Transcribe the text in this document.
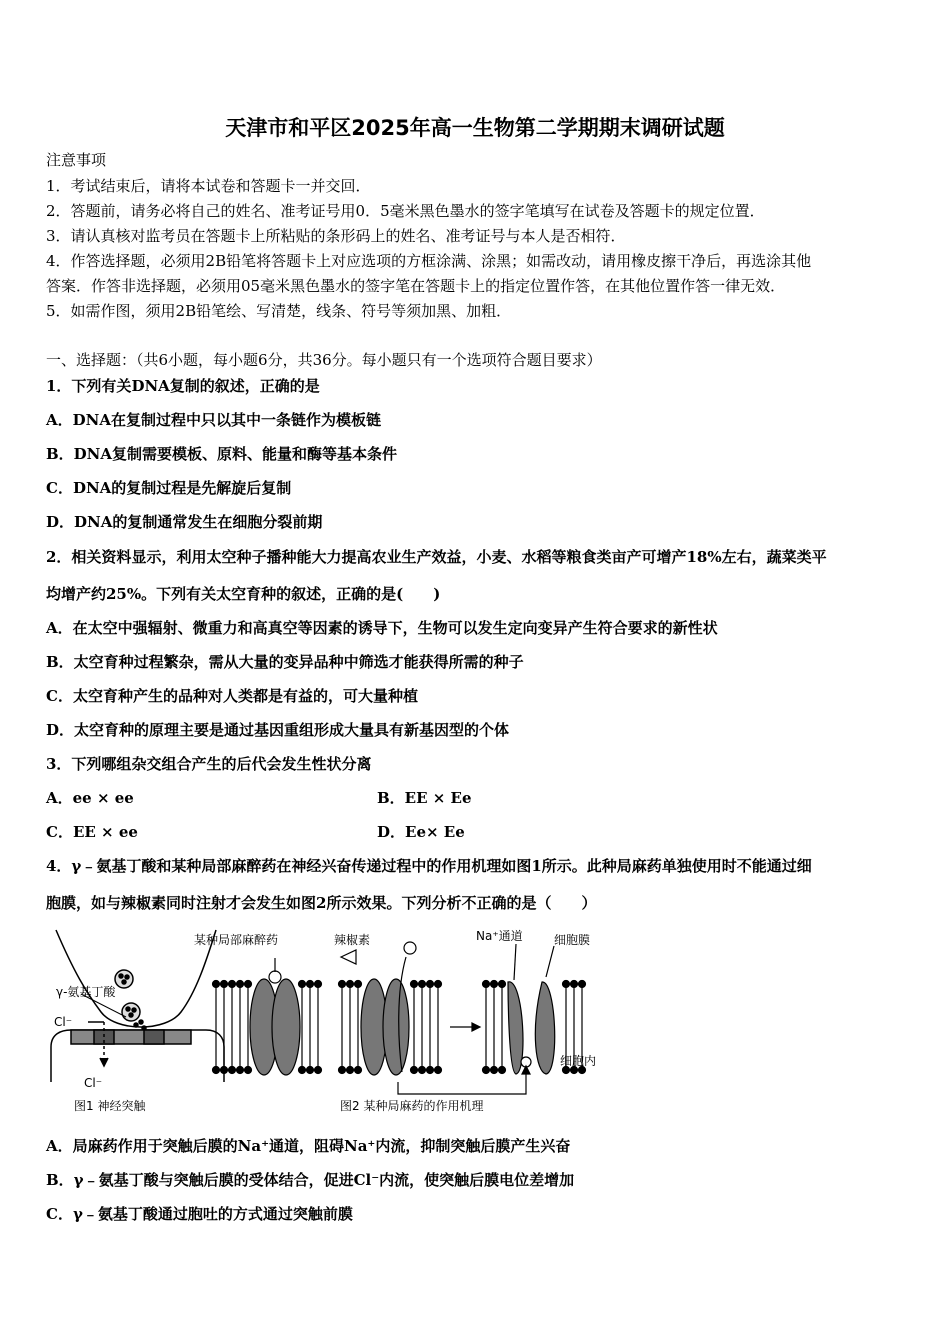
天津市和平区2025年高一生物第二学期期末调研试题
注意事项
1．考试结束后，请将本试卷和答题卡一并交回．
2．答题前，请务必将自己的姓名、准考证号用0．5毫米黑色墨水的签字笔填写在试卷及答题卡的规定位置．
3．请认真核对监考员在答题卡上所粘贴的条形码上的姓名、准考证号与本人是否相符．
4．作答选择题，必须用2B铅笔将答题卡上对应选项的方框涂满、涂黑；如需改动，请用橡皮擦干净后，再选涂其他
答案．作答非选择题，必须用05毫米黑色墨水的签字笔在答题卡上的指定位置作答，在其他位置作答一律无效．
5．如需作图，须用2B铅笔绘、写清楚，线条、符号等须加黑、加粗．
一、选择题：（共6小题，每小题6分，共36分。每小题只有一个选项符合题目要求）
1．下列有关DNA复制的叙述，正确的是
A．DNA在复制过程中只以其中一条链作为模板链
B．DNA复制需要模板、原料、能量和酶等基本条件
C．DNA的复制过程是先解旋后复制
D．DNA的复制通常发生在细胞分裂前期
2．相关资料显示，利用太空种子播种能大力提高农业生产效益，小麦、水稻等粮食类亩产可增产18%左右，蔬菜类平
均增产约25%。下列有关太空育种的叙述，正确的是(　　)
A．在太空中强辐射、微重力和高真空等因素的诱导下，生物可以发生定向变异产生符合要求的新性状
B．太空育种过程繁杂，需从大量的变异品种中筛选才能获得所需的种子
C．太空育种产生的品种对人类都是有益的，可大量种植
D．太空育种的原理主要是通过基因重组形成大量具有新基因型的个体
3．下列哪组杂交组合产生的后代会发生性状分离
A．ee × ee	B．EE × Ee
C．EE × ee	D．Ee× Ee
4．γ﹣氨基丁酸和某种局部麻醉药在神经兴奋传递过程中的作用机理如图1所示。此种局麻药单独使用时不能通过细
胞膜，如与辣椒素同时注射才会发生如图2所示效果。下列分析不正确的是（　　）
γ-氨基丁酸
Cl⁻
Cl⁻
图1 神经突触
某种局部麻醉药	辣椒素	Na⁺通道	细胞膜
细胞内
图2 某种局麻药的作用机理
A．局麻药作用于突触后膜的Na⁺通道，阻碍Na⁺内流，抑制突触后膜产生兴奋
B．γ﹣氨基丁酸与突触后膜的受体结合，促进Cl⁻内流，使突触后膜电位差增加
C．γ﹣氨基丁酸通过胞吐的方式通过突触前膜
